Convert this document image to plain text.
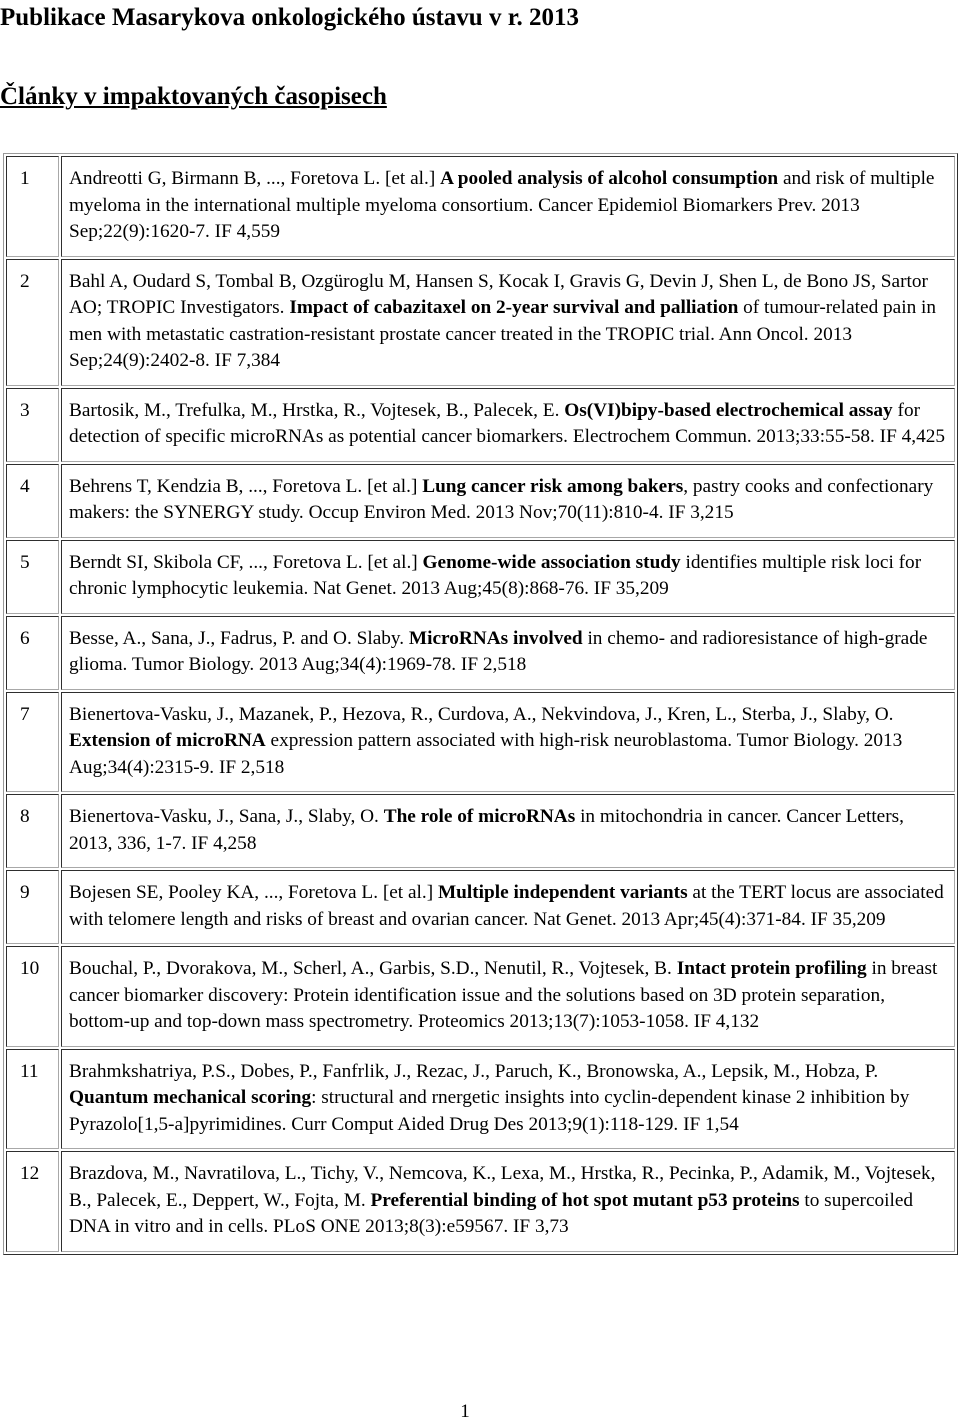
Publikace Masarykova onkologického ústavu v r. 2013
Články v impaktovaných časopisech
1	Andreotti G, Birmann B, ..., Foretova L. [et al.] A pooled analysis of alcohol consumption and risk of multiple myeloma in the international multiple myeloma consortium. Cancer Epidemiol Biomarkers Prev. 2013 Sep;22(9):1620-7. IF 4,559
2	Bahl A, Oudard S, Tombal B, Ozgüroglu M, Hansen S, Kocak I, Gravis G, Devin J, Shen L, de Bono JS, Sartor AO; TROPIC Investigators. Impact of cabazitaxel on 2-year survival and palliation of tumour-related pain in men with metastatic castration-resistant prostate cancer treated in the TROPIC trial. Ann Oncol. 2013 Sep;24(9):2402-8. IF 7,384
3	Bartosik, M., Trefulka, M., Hrstka, R., Vojtesek, B., Palecek, E. Os(VI)bipy-based electrochemical assay for detection of specific microRNAs as potential cancer biomarkers. Electrochem Commun. 2013;33:55-58. IF 4,425
4	Behrens T, Kendzia B, ..., Foretova L. [et al.] Lung cancer risk among bakers, pastry cooks and confectionary makers: the SYNERGY study. Occup Environ Med. 2013 Nov;70(11):810-4. IF 3,215
5	Berndt SI, Skibola CF, ..., Foretova L. [et al.] Genome-wide association study identifies multiple risk loci for chronic lymphocytic leukemia. Nat Genet. 2013 Aug;45(8):868-76. IF 35,209
6	Besse, A., Sana, J., Fadrus, P. and O. Slaby. MicroRNAs involved in chemo- and radioresistance of high-grade glioma. Tumor Biology. 2013 Aug;34(4):1969-78. IF 2,518
7	Bienertova-Vasku, J., Mazanek, P., Hezova, R., Curdova, A., Nekvindova, J., Kren, L., Sterba, J., Slaby, O. Extension of microRNA expression pattern associated with high-risk neuroblastoma. Tumor Biology. 2013 Aug;34(4):2315-9. IF 2,518
8	Bienertova-Vasku, J., Sana, J., Slaby, O. The role of microRNAs in mitochondria in cancer. Cancer Letters, 2013, 336, 1-7. IF 4,258
9	Bojesen SE, Pooley KA, ..., Foretova L. [et al.] Multiple independent variants at the TERT locus are associated with telomere length and risks of breast and ovarian cancer. Nat Genet. 2013 Apr;45(4):371-84. IF 35,209
10	Bouchal, P., Dvorakova, M., Scherl, A., Garbis, S.D., Nenutil, R., Vojtesek, B. Intact protein profiling in breast cancer biomarker discovery: Protein identification issue and the solutions based on 3D protein separation, bottom-up and top-down mass spectrometry. Proteomics 2013;13(7):1053-1058. IF 4,132
11	Brahmkshatriya, P.S., Dobes, P., Fanfrlik, J., Rezac, J., Paruch, K., Bronowska, A., Lepsik, M., Hobza, P. Quantum mechanical scoring: structural and rnergetic insights into cyclin-dependent kinase 2 inhibition by Pyrazolo[1,5-a]pyrimidines. Curr Comput Aided Drug Des 2013;9(1):118-129. IF 1,54
12	Brazdova, M., Navratilova, L., Tichy, V., Nemcova, K., Lexa, M., Hrstka, R., Pecinka, P., Adamik, M., Vojtesek, B., Palecek, E., Deppert, W., Fojta, M. Preferential binding of hot spot mutant p53 proteins to supercoiled DNA in vitro and in cells. PLoS ONE 2013;8(3):e59567. IF 3,73
1
